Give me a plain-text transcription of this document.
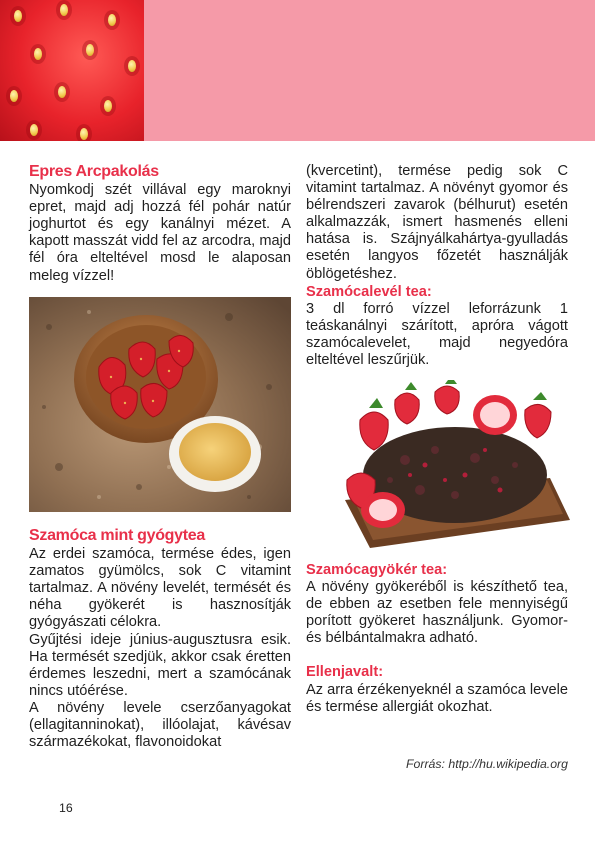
Epres Arcpakolás

Nyomkodj szét villával egy maroknyi epret, majd adj hozzá fél pohár natúr joghurtot és egy kanálnyi mézet. A kapott masszát vidd fel az arcodra, majd fél óra elteltével mosd le alaposan meleg vízzel!

Szamóca mint gyógytea

Az erdei szamóca, termése édes, igen zamatos gyümölcs, sok C vitamint tartalmaz. A növény levelét, termését és néha gyökerét is hasznosítják gyógyászati célokra.

Gyűjtési ideje június-augusztusra esik. Ha termését szedjük, akkor csak éretten érdemes leszedni, mert a szamócának nincs utóérése.

A növény levele cserzőanyagokat (ellagitanninokat), illóolajat, kávésav származékokat, flavonoidokat

(kvercetint), termése pedig sok C vitamint tartalmaz. A növényt gyomor és bélrendszeri zavarok (bélhurut) esetén alkalmazzák, ismert hasmenés elleni hatása is. Szájnyálkahártya-gyulladás esetén langyos főzetét használják öblögetéshez.

Szamócalevél tea:

3 dl forró vízzel leforrázunk 1 teáskanálnyi szárított, apróra vágott szamócalevelet, majd negyedóra elteltével leszűrjük.

Szamócagyökér tea:

A növény gyökeréből is készíthető tea, de ebben az esetben fele mennyiségű porított gyökeret használjunk. Gyomor- és bélbántalmakra adható.

Ellenjavalt:

Az arra érzékenyeknél a szamóca levele és termése allergiát okozhat.

Forrás: http://hu.wikipedia.org
16
